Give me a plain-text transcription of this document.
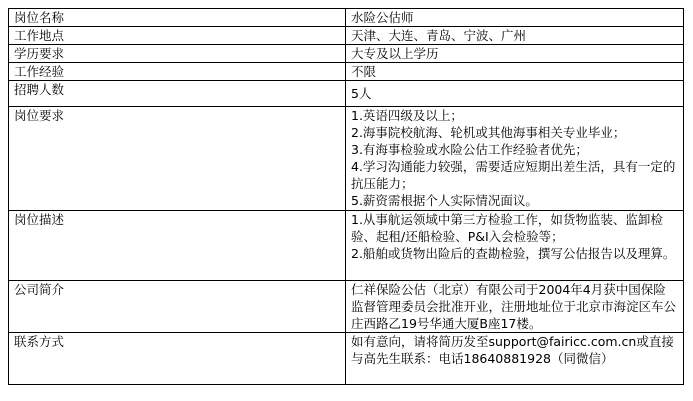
岗位名称	水险公估师

工作地点	天津、大连、青岛、宁波、广州

学历要求	大专及以上学历

工作经验	不限

招聘人数	5人

岗位要求	1.英语四级及以上；
2.海事院校航海、轮机或其他海事相关专业毕业；
3.有海事检验或水险公估工作经验者优先；
4.学习沟通能力较强，需要适应短期出差生活，具有一定的抗压能力；
5.薪资需根据个人实际情况面议。

岗位描述	1.从事航运领域中第三方检验工作，如货物监装、监卸检验、起租/还船检验、P&I入会检验等；
2.船舶或货物出险后的查勘检验，撰写公估报告以及理算。

公司简介	仁祥保险公估（北京）有限公司于2004年4月获中国保险监督管理委员会批准开业，注册地址位于北京市海淀区车公庄西路乙19号华通大厦B座17楼。

联系方式	如有意向，请将简历发至support@fairicc.com.cn或直接与高先生联系：电话18640881928（同微信）
